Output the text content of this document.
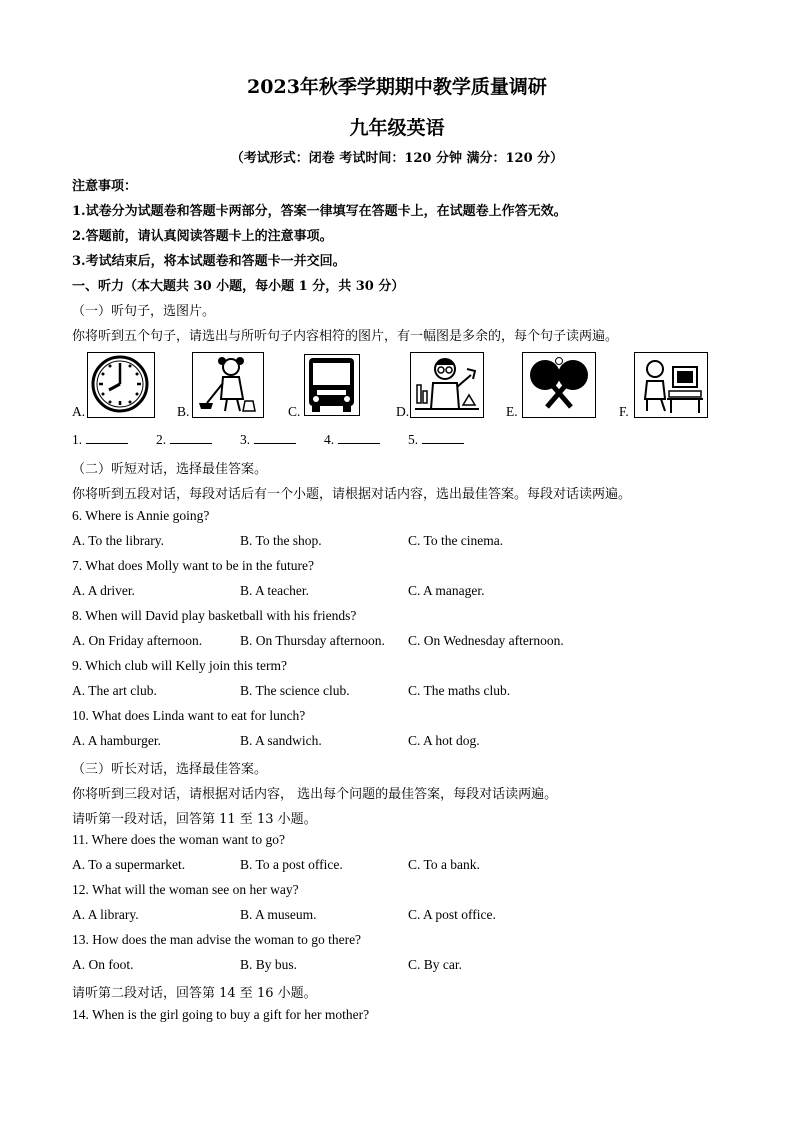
2023年秋季学期期中教学质量调研
九年级英语
（考试形式：闭卷 考试时间：120 分钟 满分：120 分）
注意事项：
1.试卷分为试题卷和答题卡两部分，答案一律填写在答题卡上，在试题卷上作答无效。
2.答题前，请认真阅读答题卡上的注意事项。
3.考试结束后，将本试题卷和答题卡一并交回。
一、听力（本大题共 30 小题，每小题 1 分，共 30 分）
（一）听句子，选图片。
你将听到五个句子，请选出与所听句子内容相符的图片，有一幅图是多余的，每个句子读两遍。
A.	B.	C.	D.	E.	F.
1.	2.	3.	4.	5.
（二）听短对话，选择最佳答案。
你将听到五段对话，每段对话后有一个小题，请根据对话内容，选出最佳答案。每段对话读两遍。
6. Where is Annie going?
A. To the library.	B. To the shop.	C. To the cinema.
7. What does Molly want to be in the future?
A. A driver.	B. A teacher.	C. A manager.
8. When will David play basketball with his friends?
A. On Friday afternoon.	B. On Thursday afternoon. C. On Wednesday afternoon.
9. Which club will Kelly join this term?
A. The art club.	B. The science club.	C. The maths club.
10. What does Linda want to eat for lunch?
A. A hamburger.	B. A sandwich.	C. A hot dog.
（三）听长对话，选择最佳答案。
你将听到三段对话，请根据对话内容， 选出每个问题的最佳答案，每段对话读两遍。
请听第一段对话，回答第 11 至 13 小题。
11. Where does the woman want to go?
A. To a supermarket.	B. To a post office.	C. To a bank.
12. What will the woman see on her way?
A. A library.	B. A museum.	C. A post office.
13. How does the man advise the woman to go there?
A. On foot.	B. By bus.	C. By car.
请听第二段对话，回答第 14 至 16 小题。
14. When is the girl going to buy a gift for her mother?
